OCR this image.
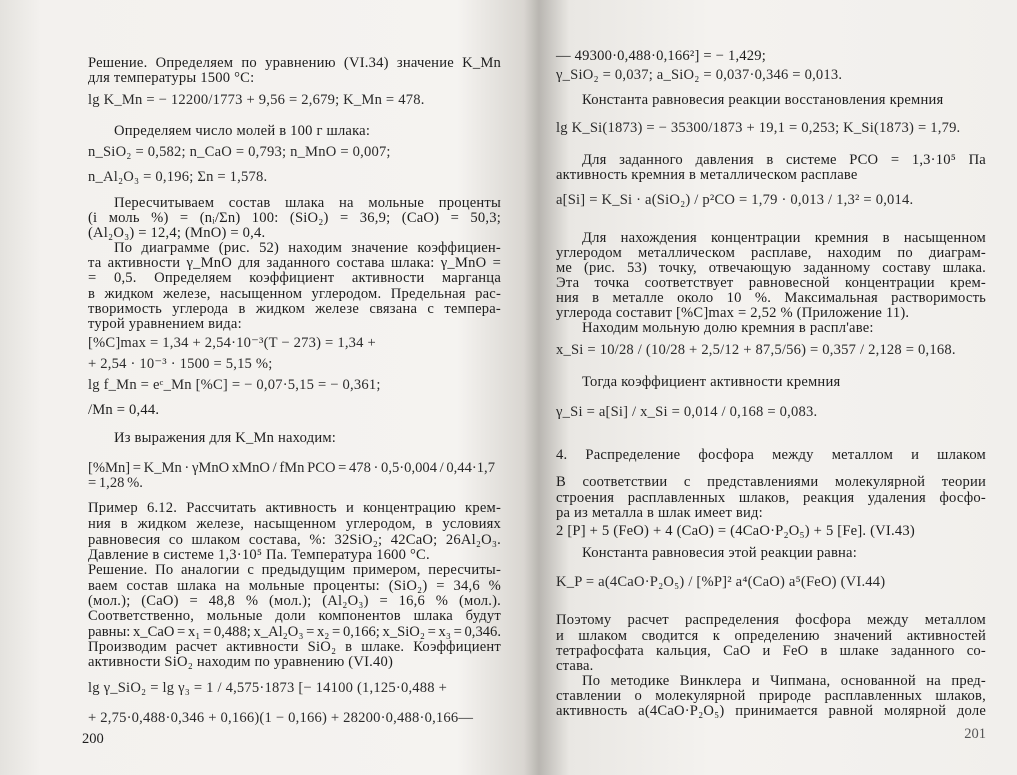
Решение. Определяем по уравнению (VI.34) значение K_Mn
для температуры 1500 °С:
lg K_Mn = − 12200/1773 + 9,56 = 2,679; K_Mn = 478.
Определяем число молей в 100 г шлака:
n_SiO₂ = 0,582; n_CaO = 0,793; n_MnO = 0,007;
n_Al₂O₃ = 0,196; Σn = 1,578.
Пересчитываем состав шлака на мольные проценты
(i моль %) = (nᵢ/Σn) 100: (SiO₂) = 36,9; (CaO) = 50,3;
(Al₂O₃) = 12,4; (MnO) = 0,4.
По диаграмме (рис. 52) находим значение коэффициен-
та активности γ_MnO для заданного состава шлака: γ_MnO =
= 0,5. Определяем коэффициент активности марганца
в жидком железе, насыщенном углеродом. Предельная рас-
творимость углерода в жидком железе связана с темпера-
турой уравнением вида:
[%C]max = 1,34 + 2,54·10⁻³(T − 273) = 1,34 +
+ 2,54 · 10⁻³ · 1500 = 5,15 %;
lg f_Mn = eᶜ_Mn [%C] = − 0,07·5,15 = − 0,361;
/Mn = 0,44.
Из выражения для K_Mn находим:
[%Mn] = K_Mn · γMnO xMnO / fMn PCO = 478 · 0,5·0,004 / 0,44·1,7 = 1,28 %.
Пример 6.12. Рассчитать активность и концентрацию крем-
ния в жидком железе, насыщенном углеродом, в условиях
равновесия со шлаком состава, %: 32SiO₂; 42CaO; 26Al₂O₃.
Давление в системе 1,3·10⁵ Па. Температура 1600 °С.
Решение. По аналогии с предыдущим примером, пересчиты-
ваем состав шлака на мольные проценты: (SiO₂) = 34,6 %
(мол.); (CaO) = 48,8 % (мол.); (Al₂O₃) = 16,6 % (мол.).
Соответственно, мольные доли компонентов шлака будут
равны: x_CaO = x₁ = 0,488; x_Al₂O₃ = x₂ = 0,166; x_SiO₂ = x₃ = 0,346.
Производим расчет активности SiO₂ в шлаке. Коэффициент
активности SiO₂ находим по уравнению (VI.40)
lg γ_SiO₂ = lg γ₃ = 1 / 4,575·1873 [− 14100 (1,125·0,488 +
+ 2,75·0,488·0,346 + 0,166)(1 − 0,166) + 28200·0,488·0,166—
200
— 49300·0,488·0,166²] = − 1,429;
γ_SiO₂ = 0,037; a_SiO₂ = 0,037·0,346 = 0,013.
Константа равновесия реакции восстановления кремния
lg K_Si(1873) = − 35300/1873 + 19,1 = 0,253; K_Si(1873) = 1,79.
Для заданного давления в системе PCO = 1,3·10⁵ Па
активность кремния в металлическом расплаве
a[Si] = K_Si · a(SiO₂) / p²CO = 1,79 · 0,013 / 1,3² = 0,014.
Для нахождения концентрации кремния в насыщенном
углеродом металлическом расплаве, находим по диаграм-
ме (рис. 53) точку, отвечающую заданному составу шлака.
Эта точка соответствует равновесной концентрации крем-
ния в металле около 10 %. Максимальная растворимость
углерода составит [%C]max = 2,52 % (Приложение 11).
Находим мольную долю кремния в распл'аве:
x_Si = 10/28 / (10/28 + 2,5/12 + 87,5/56) = 0,357 / 2,128 = 0,168.
Тогда коэффициент активности кремния
γ_Si = a[Si] / x_Si = 0,014 / 0,168 = 0,083.
4. Распределение фосфора между металлом и шлаком
В соответствии с представлениями молекулярной теории
строения расплавленных шлаков, реакция удаления фосфо-
ра из металла в шлак имеет вид:
2 [P] + 5 (FeO) + 4 (CaO) = (4CaO·P₂O₅) + 5 [Fe]. (VI.43)
Константа равновесия этой реакции равна:
K_P = a(4CaO·P₂O₅) / [%P]² a⁴(CaO) a⁵(FeO) (VI.44)
Поэтому расчет распределения фосфора между металлом
и шлаком сводится к определению значений активностей
тетрафосфата кальция, CaO и FeO в шлаке заданного со-
става.
По методике Винклера и Чипмана, основанной на пред-
ставлении о молекулярной природе расплавленных шлаков,
активность a(4CaO·P₂O₅) принимается равной молярной доле
201
